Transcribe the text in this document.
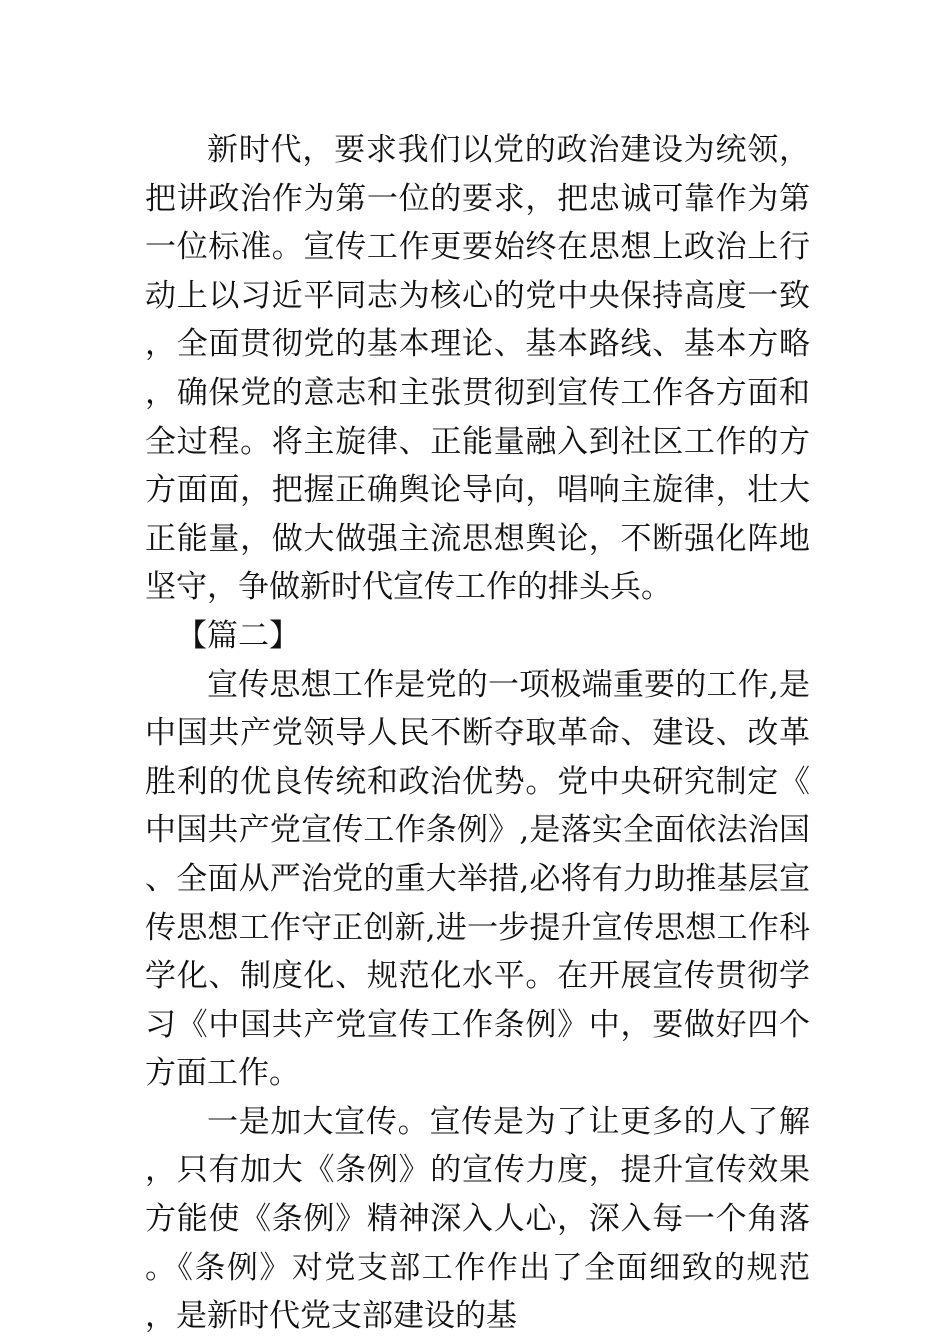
新时代，要求我们以党的政治建设为统领，把讲政治作为第一位的要求，把忠诚可靠作为第一位标准。宣传工作更要始终在思想上政治上行动上以习近平同志为核心的党中央保持高度一致，全面贯彻党的基本理论、基本路线、基本方略，确保党的意志和主张贯彻到宣传工作各方面和全过程。将主旋律、正能量融入到社区工作的方方面面，把握正确舆论导向，唱响主旋律，壮大正能量，做大做强主流思想舆论，不断强化阵地坚守，争做新时代宣传工作的排头兵。

【篇二】

宣传思想工作是党的一项极端重要的工作,是中国共产党领导人民不断夺取革命、建设、改革胜利的优良传统和政治优势。党中央研究制定《中国共产党宣传工作条例》,是落实全面依法治国、全面从严治党的重大举措,必将有力助推基层宣传思想工作守正创新,进一步提升宣传思想工作科学化、制度化、规范化水平。在开展宣传贯彻学习《中国共产党宣传工作条例》中，要做好四个方面工作。

一是加大宣传。宣传是为了让更多的人了解，只有加大《条例》的宣传力度，提升宣传效果方能使《条例》精神深入人心，深入每一个角落。《条例》对党支部工作作出了全面细致的规范，是新时代党支部建设的基
